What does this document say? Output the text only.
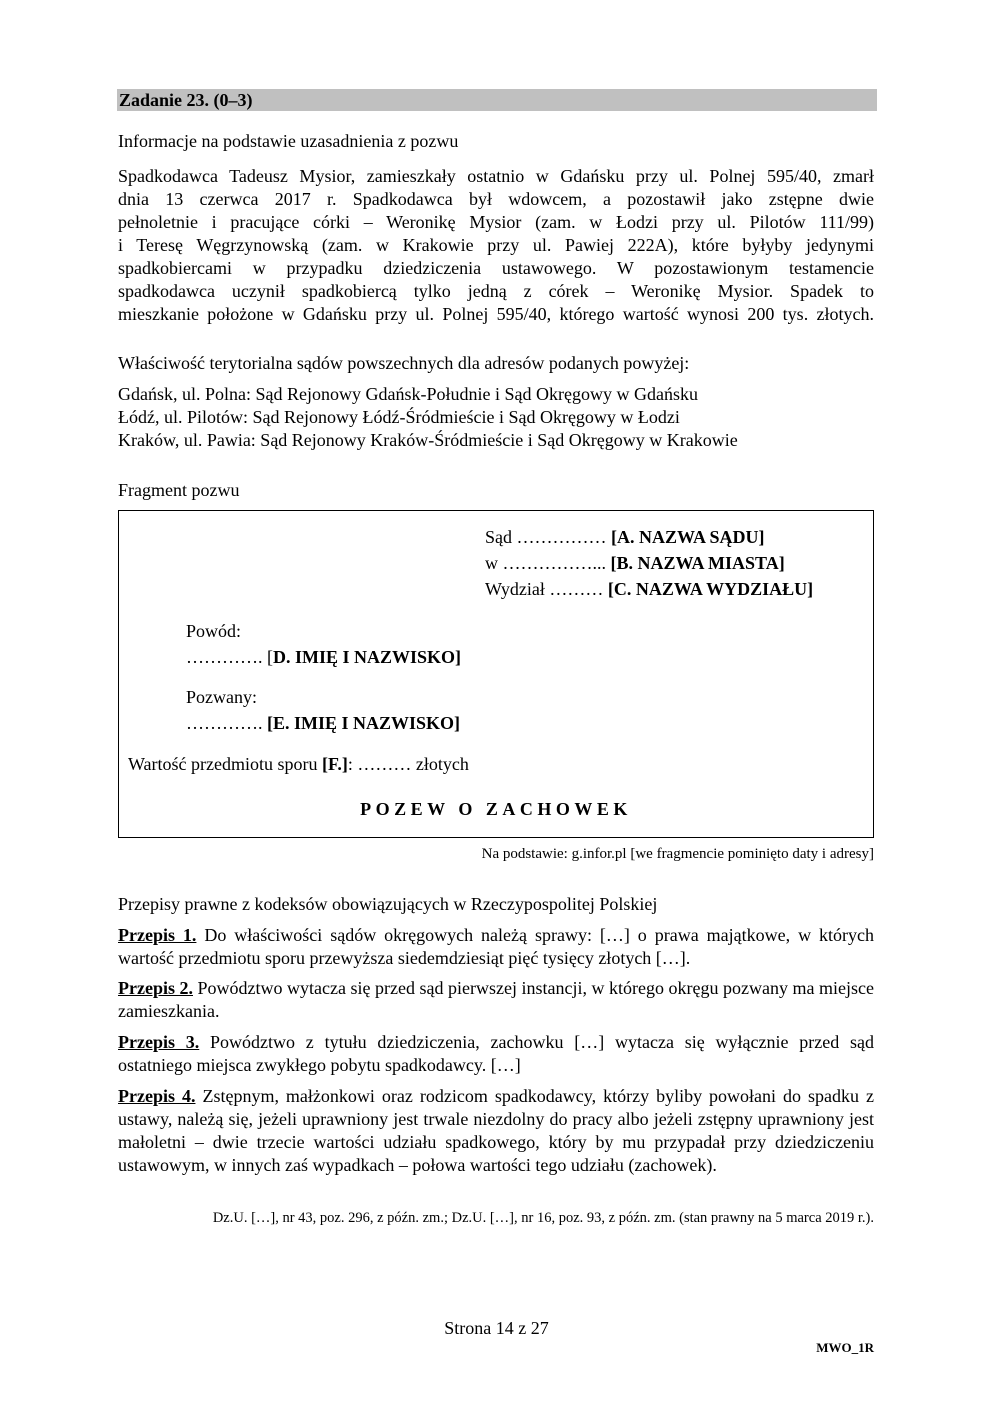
Zadanie 23. (0–3)
Informacje na podstawie uzasadnienia z pozwu
Spadkodawca Tadeusz Mysior, zamieszkały ostatnio w Gdańsku przy ul. Polnej 595/40, zmarł
dnia 13 czerwca 2017 r. Spadkodawca był wdowcem, a pozostawił jako zstępne dwie
pełnoletnie i pracujące córki – Weronikę Mysior (zam. w Łodzi przy ul. Pilotów 111/99)
i Teresę Węgrzynowską (zam. w Krakowie przy ul. Pawiej 222A), które byłyby jedynymi
spadkobiercami w przypadku dziedziczenia ustawowego. W pozostawionym testamencie
spadkodawca uczynił spadkobiercą tylko jedną z córek – Weronikę Mysior. Spadek to
mieszkanie położone w Gdańsku przy ul. Polnej 595/40, którego wartość wynosi 200 tys. złotych.
Właściwość terytorialna sądów powszechnych dla adresów podanych powyżej:
Gdańsk, ul. Polna: Sąd Rejonowy Gdańsk-Południe i Sąd Okręgowy w Gdańsku
Łódź, ul. Pilotów: Sąd Rejonowy Łódź-Śródmieście i Sąd Okręgowy w Łodzi
Kraków, ul. Pawia: Sąd Rejonowy Kraków-Śródmieście i Sąd Okręgowy w Krakowie
Fragment pozwu
Sąd …………… [A. NAZWA SĄDU]
w ……………... [B. NAZWA MIASTA]
Wydział ……… [C. NAZWA WYDZIAŁU]
Powód:
…………. [D. IMIĘ I NAZWISKO]
Pozwany:
…………. [E. IMIĘ I NAZWISKO]
Wartość przedmiotu sporu [F.]: ……… złotych
POZEW O ZACHOWEK
Na podstawie: g.infor.pl [we fragmencie pominięto daty i adresy]
Przepisy prawne z kodeksów obowiązujących w Rzeczypospolitej Polskiej
Przepis 1. Do właściwości sądów okręgowych należą sprawy: […] o prawa majątkowe, w których wartość przedmiotu sporu przewyższa siedemdziesiąt pięć tysięcy złotych […].
Przepis 2. Powództwo wytacza się przed sąd pierwszej instancji, w którego okręgu pozwany ma miejsce zamieszkania.
Przepis 3. Powództwo z tytułu dziedziczenia, zachowku […] wytacza się wyłącznie przed sąd ostatniego miejsca zwykłego pobytu spadkodawcy. […]
Przepis 4. Zstępnym, małżonkowi oraz rodzicom spadkodawcy, którzy byliby powołani do spadku z ustawy, należą się, jeżeli uprawniony jest trwale niezdolny do pracy albo jeżeli zstępny uprawniony jest małoletni – dwie trzecie wartości udziału spadkowego, który by mu przypadał przy dziedziczeniu ustawowym, w innych zaś wypadkach – połowa wartości tego udziału (zachowek).
Dz.U. […], nr 43, poz. 296, z późn. zm.; Dz.U. […], nr 16, poz. 93, z późn. zm. (stan prawny na 5 marca 2019 r.).
Strona 14 z 27
MWO_1R
